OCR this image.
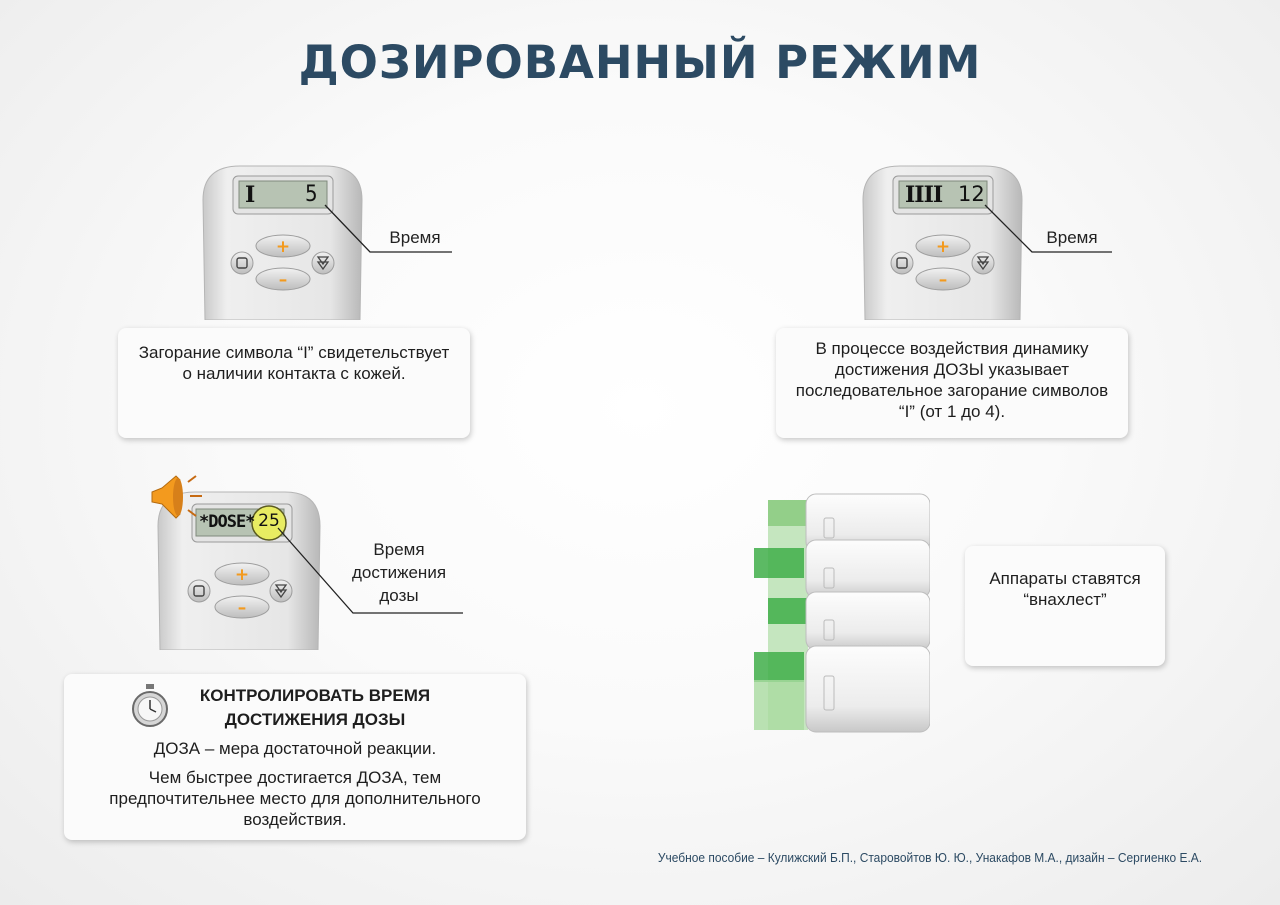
ДОЗИРОВАННЫЙ РЕЖИМ
+
–
I 5
Время	+
–
IIII 12
Время

Загорание символа “I” свидетельствует о наличии контакта с кожей.

В процессе воздействия динамику достижения ДОЗЫ указывает последовательное загорание символов “I” (от 1 до 4).

+
–
*DOSE* 25
Время достижения дозы
КОНТРОЛИРОВАТЬ ВРЕМЯ
ДОСТИЖЕНИЯ ДОЗЫ

ДОЗА – мера достаточной реакции.

Чем быстрее достигается ДОЗА, тем предпочтительнее место для дополнительного воздействия.

Аппараты ставятся “внахлест”

Учебное пособие – Кулижский Б.П., Старовойтов Ю. Ю., Унакафов М.А., дизайн – Сергиенко Е.А.
